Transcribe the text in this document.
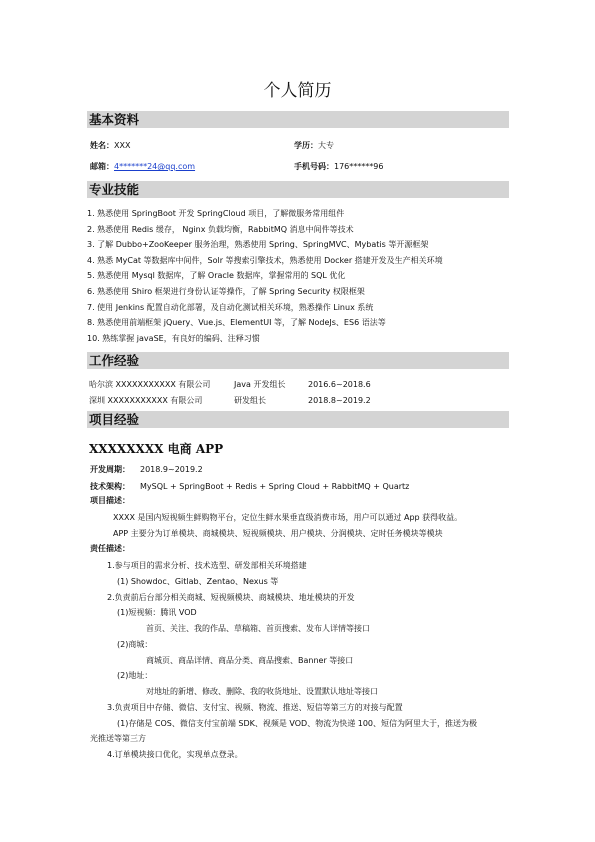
个人简历
基本资料
姓名：XXX	学历：大专
邮箱：4*******24@qq.com	手机号码：176******96
专业技能
1. 熟悉使用 SpringBoot 开发 SpringCloud 项目，了解微服务常用组件
2. 熟悉使用 Redis 缓存， Nginx 负载均衡，RabbitMQ 消息中间件等技术
3. 了解 Dubbo+ZooKeeper 服务治理，熟悉使用 Spring、SpringMVC、Mybatis 等开源框架
4. 熟悉 MyCat 等数据库中间件，Solr 等搜索引擎技术，熟悉使用 Docker 搭建开发及生产相关环境
5. 熟悉使用 Mysql 数据库，了解 Oracle 数据库，掌握常用的 SQL 优化
6. 熟悉使用 Shiro 框架进行身份认证等操作，了解 Spring Security 权限框架
7. 使用 Jenkins 配置自动化部署，及自动化测试相关环境，熟悉操作 Linux 系统
8. 熟悉使用前端框架 jQuery、Vue.js、ElementUI 等，了解 NodeJs、ES6 语法等
10. 熟练掌握 javaSE，有良好的编码、注释习惯
工作经验
哈尔滨 XXXXXXXXXXX 有限公司	Java 开发组长	2016.6~2018.6
深圳 XXXXXXXXXXX 有限公司	研发组长	2018.8~2019.2
项目经验
XXXXXXXX 电商 APP
开发周期： 2018.9~2019.2
技术架构： MySQL + SpringBoot + Redis + Spring Cloud + RabbitMQ + Quartz
项目描述：
XXXX 是国内短视频生鲜购物平台，定位生鲜水果垂直级消费市场，用户可以通过 App 获得收益。
APP 主要分为订单模块、商城模块、短视频模块、用户模块、分润模块、定时任务模块等模块
责任描述：
1.参与项目的需求分析、技术选型、研发部相关环境搭建
(1) Showdoc、Gitlab、Zentao、Nexus 等
2.负责前后台部分相关商城、短视频模块、商城模块、地址模块的开发
(1)短视频：腾讯 VOD
首页、关注、我的作品、草稿箱、首页搜索、发布人详情等接口
(2)商城：
商城页、商品详情、商品分类、商品搜索、Banner 等接口
(2)地址：
对地址的新增、修改、删除、我的收货地址、设置默认地址等接口
3.负责项目中存储、微信、支付宝、视频、物流、推送、短信等第三方的对接与配置
(1)存储是 COS、微信支付宝前端 SDK、视频是 VOD、物流为快递 100、短信为阿里大于，推送为极
光推送等第三方
4.订单模块接口优化，实现单点登录。
